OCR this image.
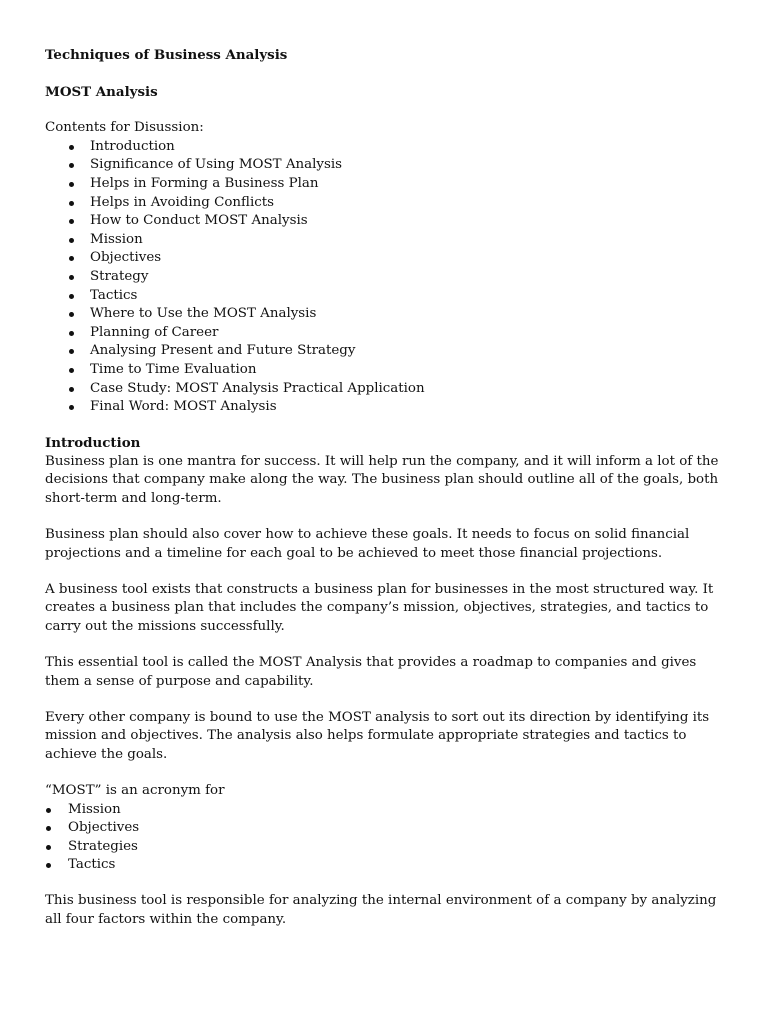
Techniques of Business Analysis
MOST Analysis

Contents for Disussion:

Introduction
Significance of Using MOST Analysis
Helps in Forming a Business Plan
Helps in Avoiding Conflicts
How to Conduct MOST Analysis
Mission
Objectives
Strategy
Tactics
Where to Use the MOST Analysis
Planning of Career
Analysing Present and Future Strategy
Time to Time Evaluation
Case Study: MOST Analysis Practical Application
Final Word: MOST Analysis
Introduction

Business plan is one mantra for success. It will help run the company, and it will inform a lot of the decisions that company make along the way. The business plan should outline all of the goals, both short-term and long-term.

Business plan should also cover how to achieve these goals. It needs to focus on solid financial projections and a timeline for each goal to be achieved to meet those financial projections.

A business tool exists that constructs a business plan for businesses in the most structured way. It creates a business plan that includes the company’s mission, objectives, strategies, and tactics to carry out the missions successfully.

This essential tool is called the MOST Analysis that provides a roadmap to companies and gives them a sense of purpose and capability.

Every other company is bound to use the MOST analysis to sort out its direction by identifying its mission and objectives. The analysis also helps formulate appropriate strategies and tactics to achieve the goals.

“MOST” is an acronym for

Mission
Objectives
Strategies
Tactics

This business tool is responsible for analyzing the internal environment of a company by analyzing all four factors within the company.
